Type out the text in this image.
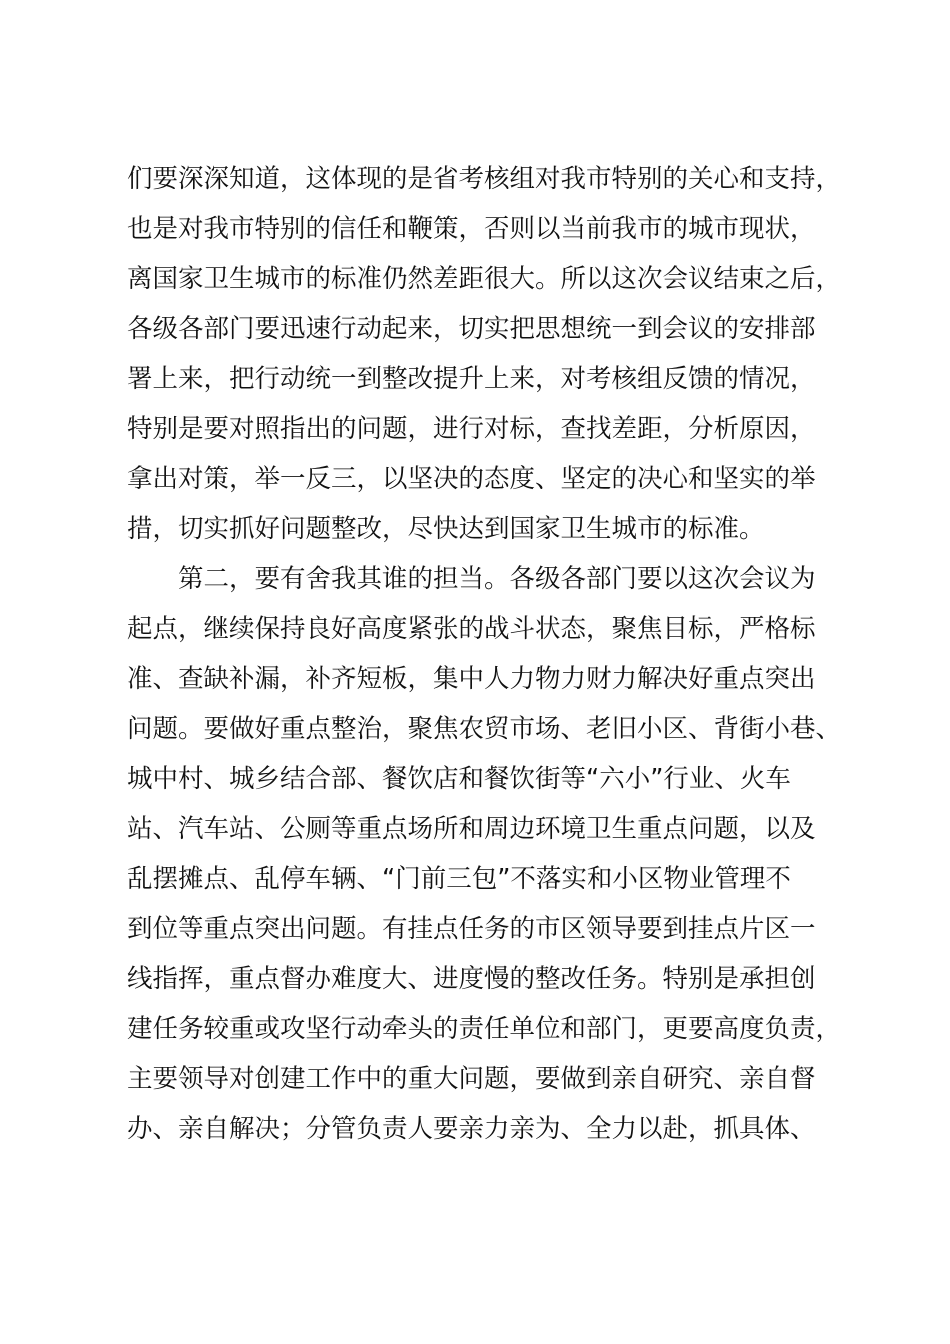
们要深深知道，这体现的是省考核组对我市特别的关心和支持，
也是对我市特别的信任和鞭策，否则以当前我市的城市现状，
离国家卫生城市的标准仍然差距很大。所以这次会议结束之后，
各级各部门要迅速行动起来，切实把思想统一到会议的安排部
署上来，把行动统一到整改提升上来，对考核组反馈的情况，
特别是要对照指出的问题，进行对标，查找差距，分析原因，
拿出对策，举一反三，以坚决的态度、坚定的决心和坚实的举
措，切实抓好问题整改，尽快达到国家卫生城市的标准。
　　第二，要有舍我其谁的担当。各级各部门要以这次会议为
起点，继续保持良好高度紧张的战斗状态，聚焦目标，严格标
准、查缺补漏，补齐短板，集中人力物力财力解决好重点突出
问题。要做好重点整治，聚焦农贸市场、老旧小区、背街小巷、
城中村、城乡结合部、餐饮店和餐饮街等“六小”行业、火车
站、汽车站、公厕等重点场所和周边环境卫生重点问题，以及
乱摆摊点、乱停车辆、“门前三包”不落实和小区物业管理不
到位等重点突出问题。有挂点任务的市区领导要到挂点片区一
线指挥，重点督办难度大、进度慢的整改任务。特别是承担创
建任务较重或攻坚行动牵头的责任单位和部门，更要高度负责，
主要领导对创建工作中的重大问题，要做到亲自研究、亲自督
办、亲自解决；分管负责人要亲力亲为、全力以赴，抓具体、
